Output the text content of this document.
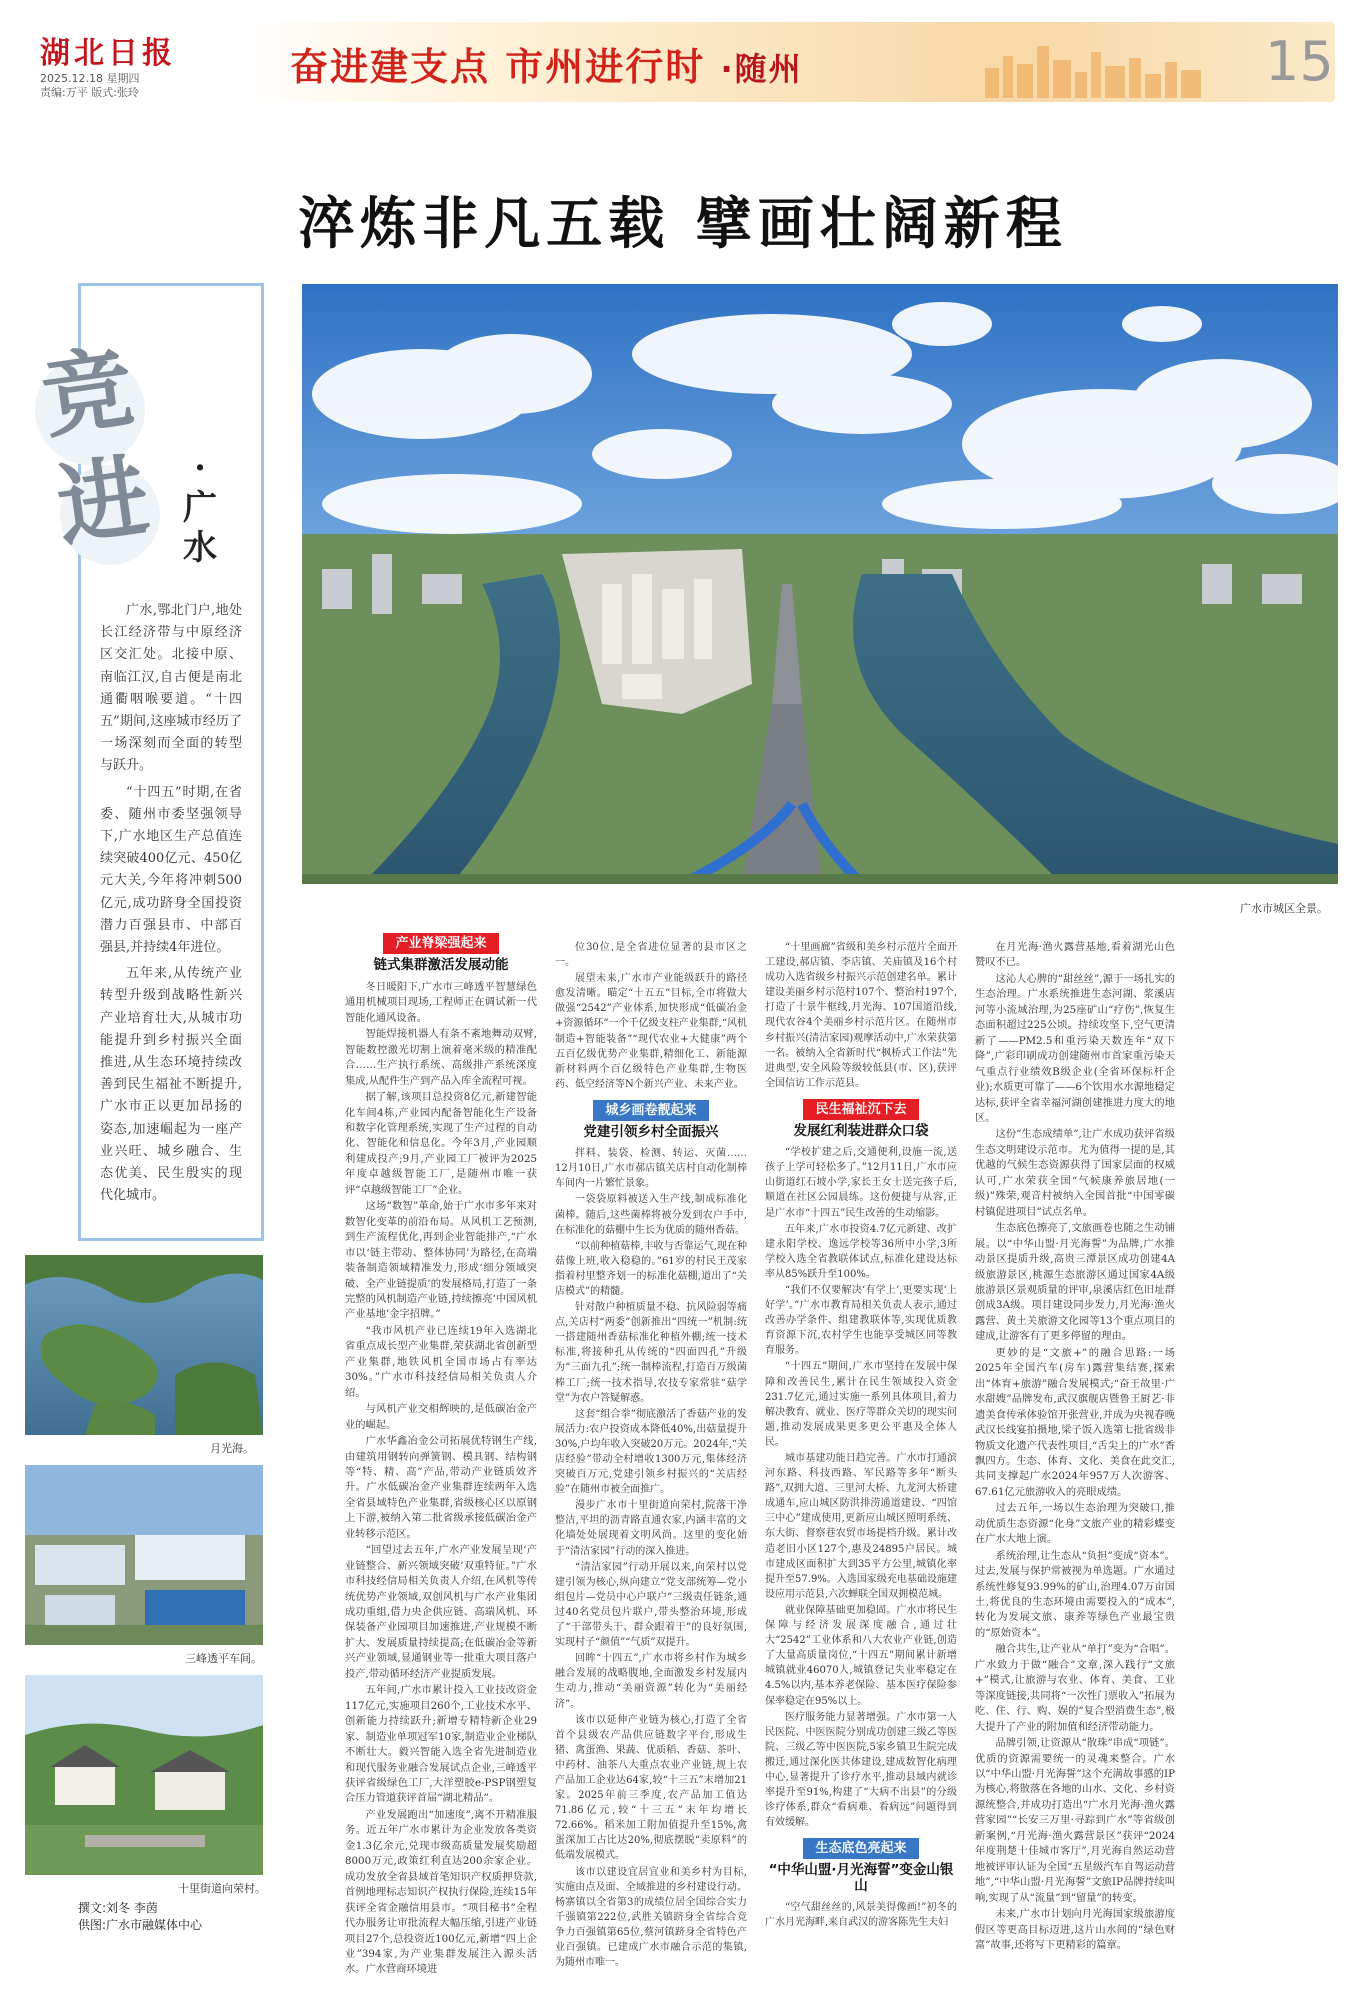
湖北日报
2025.12.18 星期四
责编:万平 版式:张玲
奋进建支点 市州进行时 ·随州	15
淬炼非凡五载 擘画壮阔新程
竞进	·广水

广水,鄂北门户,地处长江经济带与中原经济区交汇处。北接中原、南临江汉,自古便是南北通衢咽喉要道。“十四五”期间,这座城市经历了一场深刻而全面的转型与跃升。

“十四五”时期,在省委、随州市委坚强领导下,广水地区生产总值连续突破400亿元、450亿元大关,今年将冲刺500亿元,成功跻身全国投资潜力百强县市、中部百强县,并持续4年进位。

五年来,从传统产业转型升级到战略性新兴产业培育壮大,从城市功能提升到乡村振兴全面推进,从生态环境持续改善到民生福祉不断提升,广水市正以更加昂扬的姿态,加速崛起为一座产业兴旺、城乡融合、生态优美、民生殷实的现代化城市。

月光海。
三峰透平车间。
十里街道向荣村。
撰文:刘冬 李茵
供图:广水市融媒体中心
广水市城区全景。
产业脊梁强起来
链式集群激活发展动能

冬日暖阳下,广水市三峰透平智慧绿色通用机械项目现场,工程师正在调试新一代智能化通风设备。

智能焊接机器人有条不紊地舞动双臂,智能数控激光切割上演着毫米级的精准配合……生产执行系统、高级排产系统深度集成,从配件生产到产品入库全流程可视。

据了解,该项目总投资8亿元,新建智能化车间4栋,产业园内配备智能化生产设备和数字化管理系统,实现了生产过程的自动化、智能化和信息化。今年3月,产业园顺利建成投产;9月,产业园工厂被评为2025年度卓越级智能工厂,是随州市唯一获评“卓越级智能工厂”企业。

这场“数智”革命,始于广水市多年来对数智化变革的前沿布局。从风机工艺预测,到生产流程优化,再到企业智能排产,“广水市以‘链主带动、整体协同’为路径,在高端装备制造领域精准发力,形成‘细分领域突破、全产业链提质’的发展格局,打造了一条完整的风机制造产业链,持续擦亮‘中国风机产业基地’金字招牌。”

“我市风机产业已连续19年入选湖北省重点成长型产业集群,荣获湖北省创新型产业集群,地铁风机全国市场占有率达30%。”广水市科技经信局相关负责人介绍。

与风机产业交相辉映的,是低碳冶金产业的崛起。

广水华鑫冶金公司拓展优特钢生产线,由建筑用钢转向弹簧钢、模具钢、结构钢等“特、精、高”产品,带动产业链质效齐升。广水低碳冶金产业集群连续两年入选全省县域特色产业集群,省级核心区以原钢上下游,被纳入第二批省级承接低碳冶金产业转移示范区。

“回望过去五年,广水产业发展呈现‘产业链整合、新兴领域突破’双重特征。”广水市科技经信局相关负责人介绍,在风机等传统优势产业领域,双创风机与广水产业集团成功重组,借力央企供应链、高端风机、环保装备产业园项目加速推进,产业规模不断扩大、发展质量持续提高;在低碳冶金等新兴产业领域,显通钢业等一批重大项目落户投产,带动循环经济产业提质发展。

五年间,广水市累计投入工业技改资金117亿元,实施项目260个,工业技术水平、创新能力持续跃升;新增专精特新企业29家、制造业单项冠军10家,制造业企业梯队不断壮大。毅兴智能入选全省先进制造业和现代服务业融合发展试点企业,三峰透平获评省级绿色工厂,大洋塑胶e-PSP钢塑复合压力管道获评首届“湖北精品”。

产业发展跑出“加速度”,离不开精准服务。近五年广水市累计为企业发放各类资金1.3亿余元,兑现市级高质量发展奖励超8000万元,政策红利直达200余家企业。成功发放全省县域首笔知识产权质押贷款,首例地理标志知识产权执行保险,连续15年获评全省金融信用县市。“项目秘书”全程代办服务让审批流程大幅压缩,引进产业链项目27个,总投资近100亿元,新增“四上企业”394家,为产业集群发展注入源头活水。广水营商环境进

位30位,是全省进位显著的县市区之一。

展望未来,广水市产业能级跃升的路径愈发清晰。瞄定“十五五”目标,全市将做大做强“2542”产业体系,加快形成“低碳冶金+资源循环”一个千亿级支柱产业集群,“风机制造+智能装备”“现代农业+大健康”两个五百亿级优势产业集群,精细化工、新能源新材料两个百亿级特色产业集群,生物医药、低空经济等N个新兴产业、未来产业。

城乡画卷靓起来
党建引领乡村全面振兴

拌料、装袋、检测、转运、灭菌……12月10日,广水市郝店镇关店村自动化制棒车间内一片繁忙景象。

一袋袋原料被送入生产线,制成标准化菌棒。随后,这些菌棒将被分发到农户手中,在标准化的菇棚中生长为优质的随州香菇。

“以前种植菇棒,丰收与否靠运气,现在种菇像上班,收入稳稳的。”61岁的村民王茂家指着村里整齐划一的标准化菇棚,道出了“关店模式”的精髓。

针对散户种植质量不稳、抗风险弱等痛点,关店村“两委”创新推出“四统一”机制:统一搭建随州香菇标准化种植外棚;统一技术标准,将接种孔从传统的“四面四孔”升级为“三面九孔”;统一制棒流程,打造百万级菌棒工厂;统一技术指导,农技专家常驻“菇学堂”为农户答疑解惑。

这套“组合拳”彻底激活了香菇产业的发展活力:农户投资成本降低40%,出菇量提升30%,户均年收入突破20万元。2024年,“关店经验”带动全村增收1300万元,集体经济突破百万元,党建引领乡村振兴的“关店经验”在随州市被全面推广。

漫步广水市十里街道向荣村,院落干净整洁,平坦的沥青路直通农家,内涵丰富的文化墙处处展现着文明风尚。这里的变化始于“清洁家园”行动的深入推进。

“清洁家园”行动开展以来,向荣村以党建引领为核心,纵向建立“党支部统筹—党小组包片—党员中心户联户”三级责任链条,通过40名党员包片联户,带头整治环境,形成了“干部带头干、群众跟着干”的良好氛围,实现村子“颜值”“气质”双提升。

回眸“十四五”,广水市将乡村作为城乡融合发展的战略腹地,全面激发乡村发展内生动力,推动“美丽资源”转化为“美丽经济”。

该市以延伸产业链为核心,打造了全省首个县级农产品供应链数字平台,形成生猪、禽蛋渔、果蔬、优质稻、香菇、茶叶、中药材、油茶八大重点农业产业链,规上农产品加工企业达64家,较“十三五”末增加21家。2025年前三季度,农产品加工值达71.86亿元,较“十三五”末年均增长72.66%。稻米加工附加值提升至15%,禽蛋深加工占比达20%,彻底摆脱“卖原料”的低端发展模式。

该市以建设宜居宜业和美乡村为目标,实施由点及面、全域推进的乡村建设行动。杨寨镇以全省第3的成绩位居全国综合实力千强镇第222位,武胜关镇跻身全省综合竞争力百强镇第65位,蔡河镇跻身全省特色产业百强镇。已建成广水市融合示范的集镇,为随州市唯一。

“十里画廊”省级和美乡村示范片全面开工建设,郝店镇、李店镇、关庙镇及16个村成功入选省级乡村振兴示范创建名单。累计建设美丽乡村示范村107个、整治村197个,打造了十景牛框线,月光海、107国道沿线,现代农谷4个美丽乡村示范片区。在随州市乡村振兴(清洁家园)观摩活动中,广水荣获第一名。被纳入全省新时代“枫桥式工作法”先进典型,安全风险等级较低县(市、区),获评全国信访工作示范县。

民生福祉沉下去
发展红利装进群众口袋

“学校扩建之后,交通便利,设施一流,送孩子上学可轻松多了。”12月11日,广水市应山街道红石坡小学,家长王女士送完孩子后,顺道在社区公园晨练。这份便捷与从容,正是广水市“十四五”民生改善的生动缩影。

五年来,广水市投资4.7亿元新建、改扩建永阳学校、逸远学校等36所中小学,3所学校入选全省教联体试点,标准化建设达标率从85%跃升至100%。

“我们不仅要解决‘有学上’,更要实现‘上好学’。”广水市教育局相关负责人表示,通过改善办学条件、组建教联体等,实现优质教育资源下沉,农村学生也能享受城区同等教育服务。

“十四五”期间,广水市坚持在发展中保障和改善民生,累计在民生领域投入资金231.7亿元,通过实施一系列具体项目,着力解决教育、就业、医疗等群众关切的现实问题,推动发展成果更多更公平惠及全体人民。

城市基建功能日趋完善。广水市打通滨河东路、科技西路、军民路等多年“断头路”,双拥大道、三里河大桥、九龙河大桥建成通车,应山城区防洪排涝通道建设、“四馆三中心”建成使用,更新应山城区照明系统、东大街、督察巷农贸市场提档升级。累计改造老旧小区127个,惠及24895户居民。城市建成区面积扩大到35平方公里,城镇化率提升至57.9%。入选国家级充电基础设施建设应用示范县,六次蝉联全国双拥模范城。

就业保障基础更加稳固。广水市将民生保障与经济发展深度融合,通过壮大“2542”工业体系和八大农业产业链,创造了大量高质量岗位,“十四五”期间累计新增城镇就业46070人,城镇登记失业率稳定在4.5%以内,基本养老保险、基本医疗保险参保率稳定在95%以上。

医疗服务能力显著增强。广水市第一人民医院、中医医院分别成功创建三级乙等医院、三级乙等中医医院,5家乡镇卫生院完成搬迁,通过深化医共体建设,建成数智化病理中心,显著提升了诊疗水平,推动县域内就诊率提升至91%,构建了“大病不出县”的分级诊疗体系,群众“看病难、看病远”问题得到有效缓解。

生态底色亮起来
“中华山盟·月光海誓”变金山银山

“空气甜丝丝的,风景美得像画!”初冬的广水月光海畔,来自武汉的游客陈先生夫妇

在月光海·渔火露营基地,看着湖光山色赞叹不已。

这沁人心脾的“甜丝丝”,源于一场扎实的生态治理。广水系统推进生态河湖、浆溪店河等小流域治理,为25座矿山“疗伤”,恢复生态面积超过225公顷。持续攻坚下,空气更清新了——PM2.5和重污染天数连年“双下降”,广彩印刷成功创建随州市首家重污染天气重点行业绩效B级企业(全省环保标杆企业);水质更可靠了——6个饮用水水源地稳定达标,获评全省幸福河湖创建推进力度大的地区。

这份“生态成绩单”,让广水成功获评省级生态文明建设示范市。尤为值得一提的是,其优越的气候生态资源获得了国家层面的权威认可,广水荣获全国“气候康养旅居地(一级)”殊荣,观音村被纳入全国首批“中国零碳村镇促进项目”试点名单。

生态底色擦亮了,文旅画卷也随之生动铺展。以“中华山盟·月光海誓”为品牌,广水推动景区提质升级,高贵三潭景区成功创建4A级旅游景区,桃源生态旅游区通过国家4A级旅游景区景观质量的评审,泉溪店红色旧址群创成3A级。项目建设同步发力,月光海·渔火露营、黄土关旅游文化园等13个重点项目的建成,让游客有了更多停留的理由。

更妙的是“文旅+”的融合思路:一场2025年全国汽车(房车)露营集结赛,探索出“体育+旅游”融合发展模式;“奋王故里·广水甜嫂”品牌发布,武汉旗舰店暨鲁王厨艺·非遗美食传承体验馆开张营业,并成为央视春晚武汉长线宴拍摄地,梁子饭入选第七批省级非物质文化遗产代表性项目,“舌尖上的广水”香飘四方。生态、体育、文化、美食在此交汇,共同支撑起广水2024年957万人次游客、67.61亿元旅游收入的亮眼成绩。

过去五年,一场以生态治理为突破口,推动优质生态资源“化身”文旅产业的精彩蝶变在广水大地上演。

系统治理,让生态从“负担”变成“资本”。过去,发展与保护常被视为单选题。广水通过系统性修复93.99%的矿山,治理4.07万亩国土,将优良的生态环境由需要投入的“成本”,转化为发展文旅、康养等绿色产业最宝贵的“原始资本”。

融合共生,让产业从“单打”变为“合唱”。广水致力于做“融合”文章,深入践行“文旅+”模式,让旅游与农业、体育、美食、工业等深度链接,共同将“一次性门票收入”拓展为吃、住、行、购、娱的“复合型消费生态”,极大提升了产业的附加值和经济带动能力。

品牌引领,让资源从“散珠”串成“项链”。优质的资源需要统一的灵魂来整合。广水以“中华山盟·月光海誓”这个充满故事感的IP为核心,将散落在各地的山水、文化、乡村资源统整合,并成功打造出“广水月光海·渔火露营家园”“长安三万里·寻踪到广水”等省级创新案例,“月光海·渔火露营景区”获评“2024年度荆楚十佳城市客厅”,月光海自然运动营地被评审认证为全国“五星级汽车自驾运动营地”,“中华山盟·月光海誓”文旅IP品牌持续叫响,实现了从“流量”到“留量”的转变。

未来,广水市计划向月光海国家级旅游度假区等更高目标迈进,这片山水间的“绿色财富”故事,还将写下更精彩的篇章。
